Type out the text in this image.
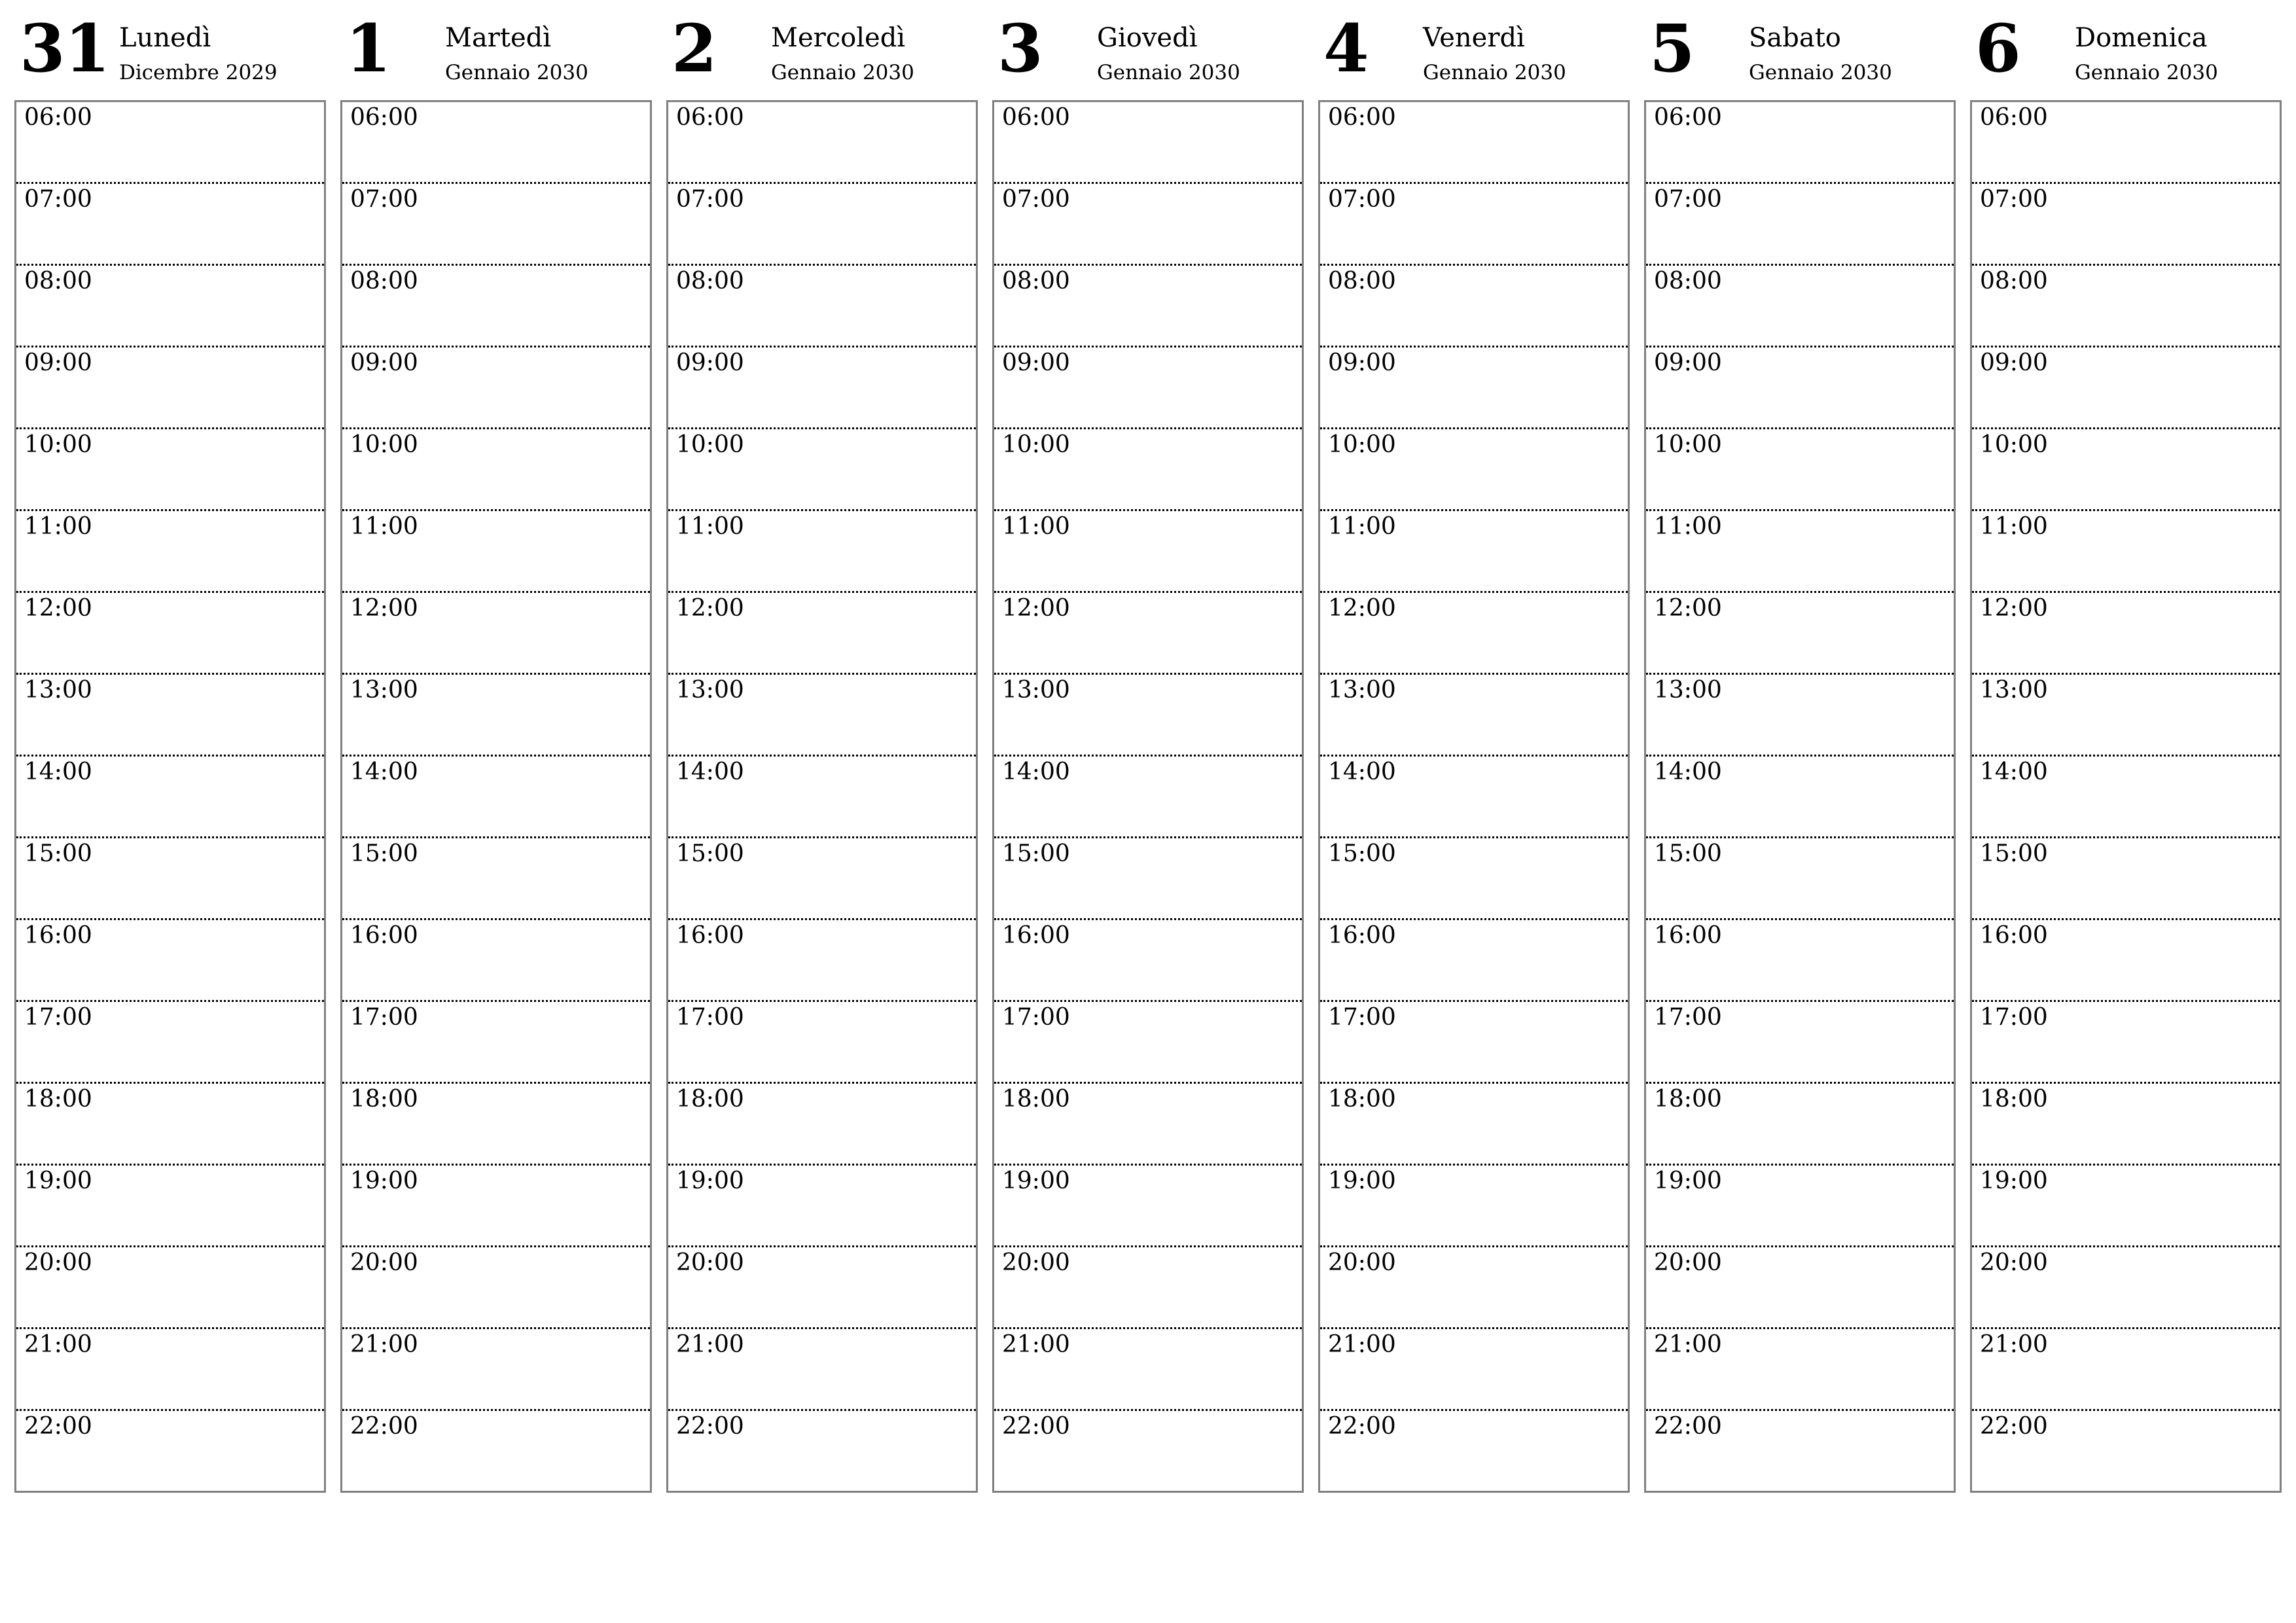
31 Lunedì
Dicembre 2029
06:00
07:00
08:00
09:00
10:00
11:00
12:00
13:00
14:00
15:00
16:00
17:00
18:00
19:00
20:00
21:00
22:00
1 Martedì
Gennaio 2030
06:00
07:00
08:00
09:00
10:00
11:00
12:00
13:00
14:00
15:00
16:00
17:00
18:00
19:00
20:00
21:00
22:00
2 Mercoledì
Gennaio 2030
06:00
07:00
08:00
09:00
10:00
11:00
12:00
13:00
14:00
15:00
16:00
17:00
18:00
19:00
20:00
21:00
22:00
3 Giovedì
Gennaio 2030
06:00
07:00
08:00
09:00
10:00
11:00
12:00
13:00
14:00
15:00
16:00
17:00
18:00
19:00
20:00
21:00
22:00
4 Venerdì
Gennaio 2030
06:00
07:00
08:00
09:00
10:00
11:00
12:00
13:00
14:00
15:00
16:00
17:00
18:00
19:00
20:00
21:00
22:00
5 Sabato
Gennaio 2030
06:00
07:00
08:00
09:00
10:00
11:00
12:00
13:00
14:00
15:00
16:00
17:00
18:00
19:00
20:00
21:00
22:00
6 Domenica
Gennaio 2030
06:00
07:00
08:00
09:00
10:00
11:00
12:00
13:00
14:00
15:00
16:00
17:00
18:00
19:00
20:00
21:00
22:00
